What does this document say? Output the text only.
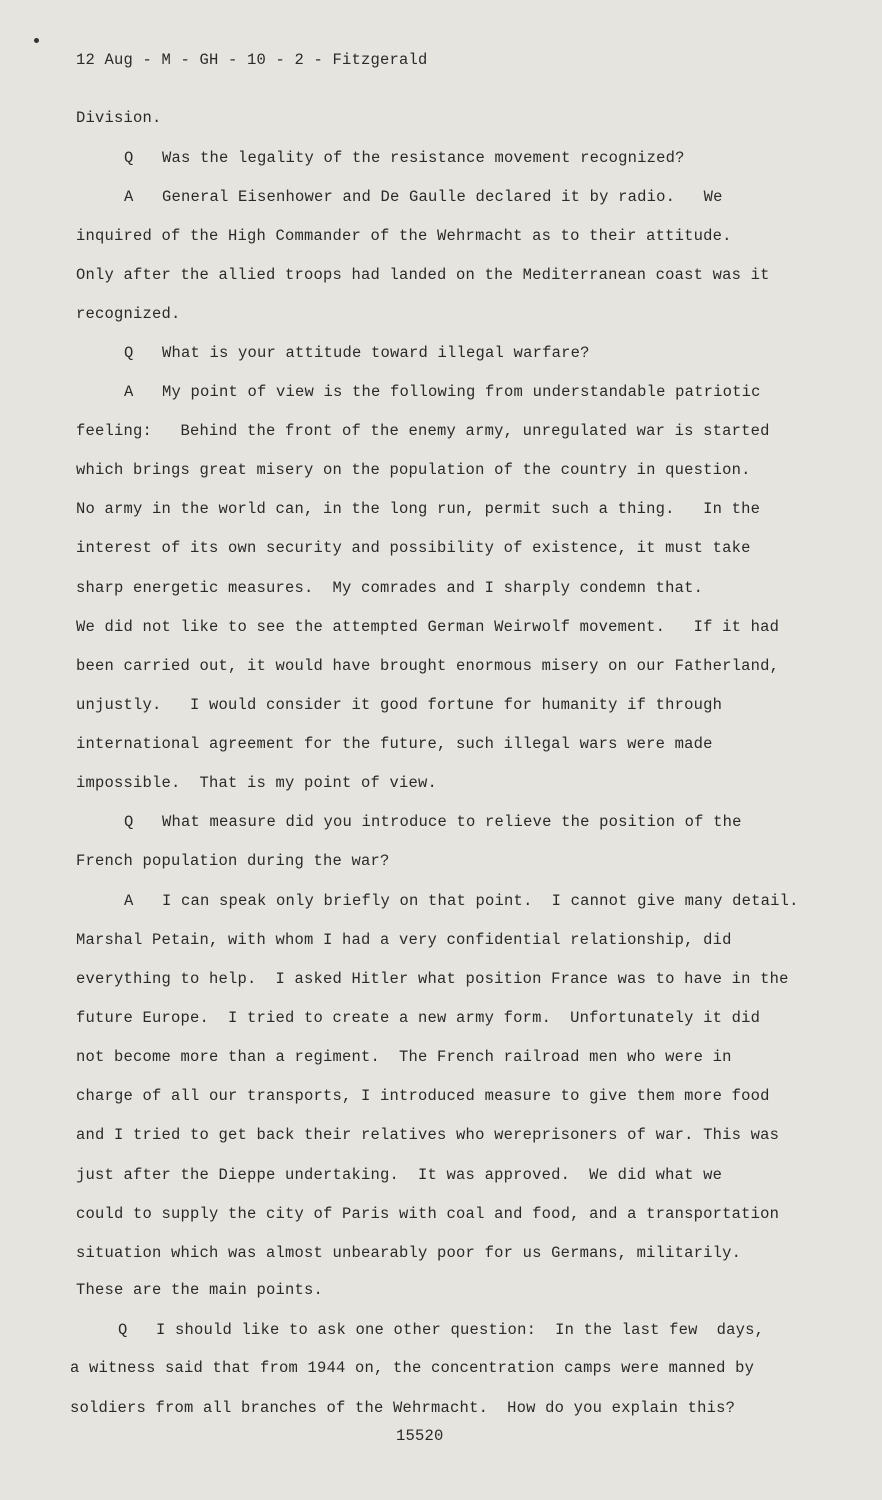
12 Aug - M - GH - 10 - 2 - Fitzgerald
Division.
Q   Was the legality of the resistance movement recognized?
A   General Eisenhower and De Gaulle declared it by radio.   We
inquired of the High Commander of the Wehrmacht as to their attitude.
Only after the allied troops had landed on the Mediterranean coast was it
recognized.
Q   What is your attitude toward illegal warfare?
A   My point of view is the following from understandable patriotic
feeling:   Behind the front of the enemy army, unregulated war is started
which brings great misery on the population of the country in question.
No army in the world can, in the long run, permit such a thing.   In the
interest of its own security and possibility of existence, it must take
sharp energetic measures.  My comrades and I sharply condemn that.
We did not like to see the attempted German Weirwolf movement.   If it had
been carried out, it would have brought enormous misery on our Fatherland,
unjustly.   I would consider it good fortune for humanity if through
international agreement for the future, such illegal wars were made
impossible.  That is my point of view.
Q   What measure did you introduce to relieve the position of the
French population during the war?
A   I can speak only briefly on that point.  I cannot give many detail.
Marshal Petain, with whom I had a very confidential relationship, did
everything to help.  I asked Hitler what position France was to have in the
future Europe.  I tried to create a new army form.  Unfortunately it did
not become more than a regiment.  The French railroad men who were in
charge of all our transports, I introduced measure to give them more food
and I tried to get back their relatives who wereprisoners of war. This was
just after the Dieppe undertaking.  It was approved.  We did what we
could to supply the city of Paris with coal and food, and a transportation
situation which was almost unbearably poor for us Germans, militarily.
These are the main points.
Q   I should like to ask one other question:  In the last few  days,
a witness said that from 1944 on, the concentration camps were manned by
soldiers from all branches of the Wehrmacht.  How do you explain this?
15520
